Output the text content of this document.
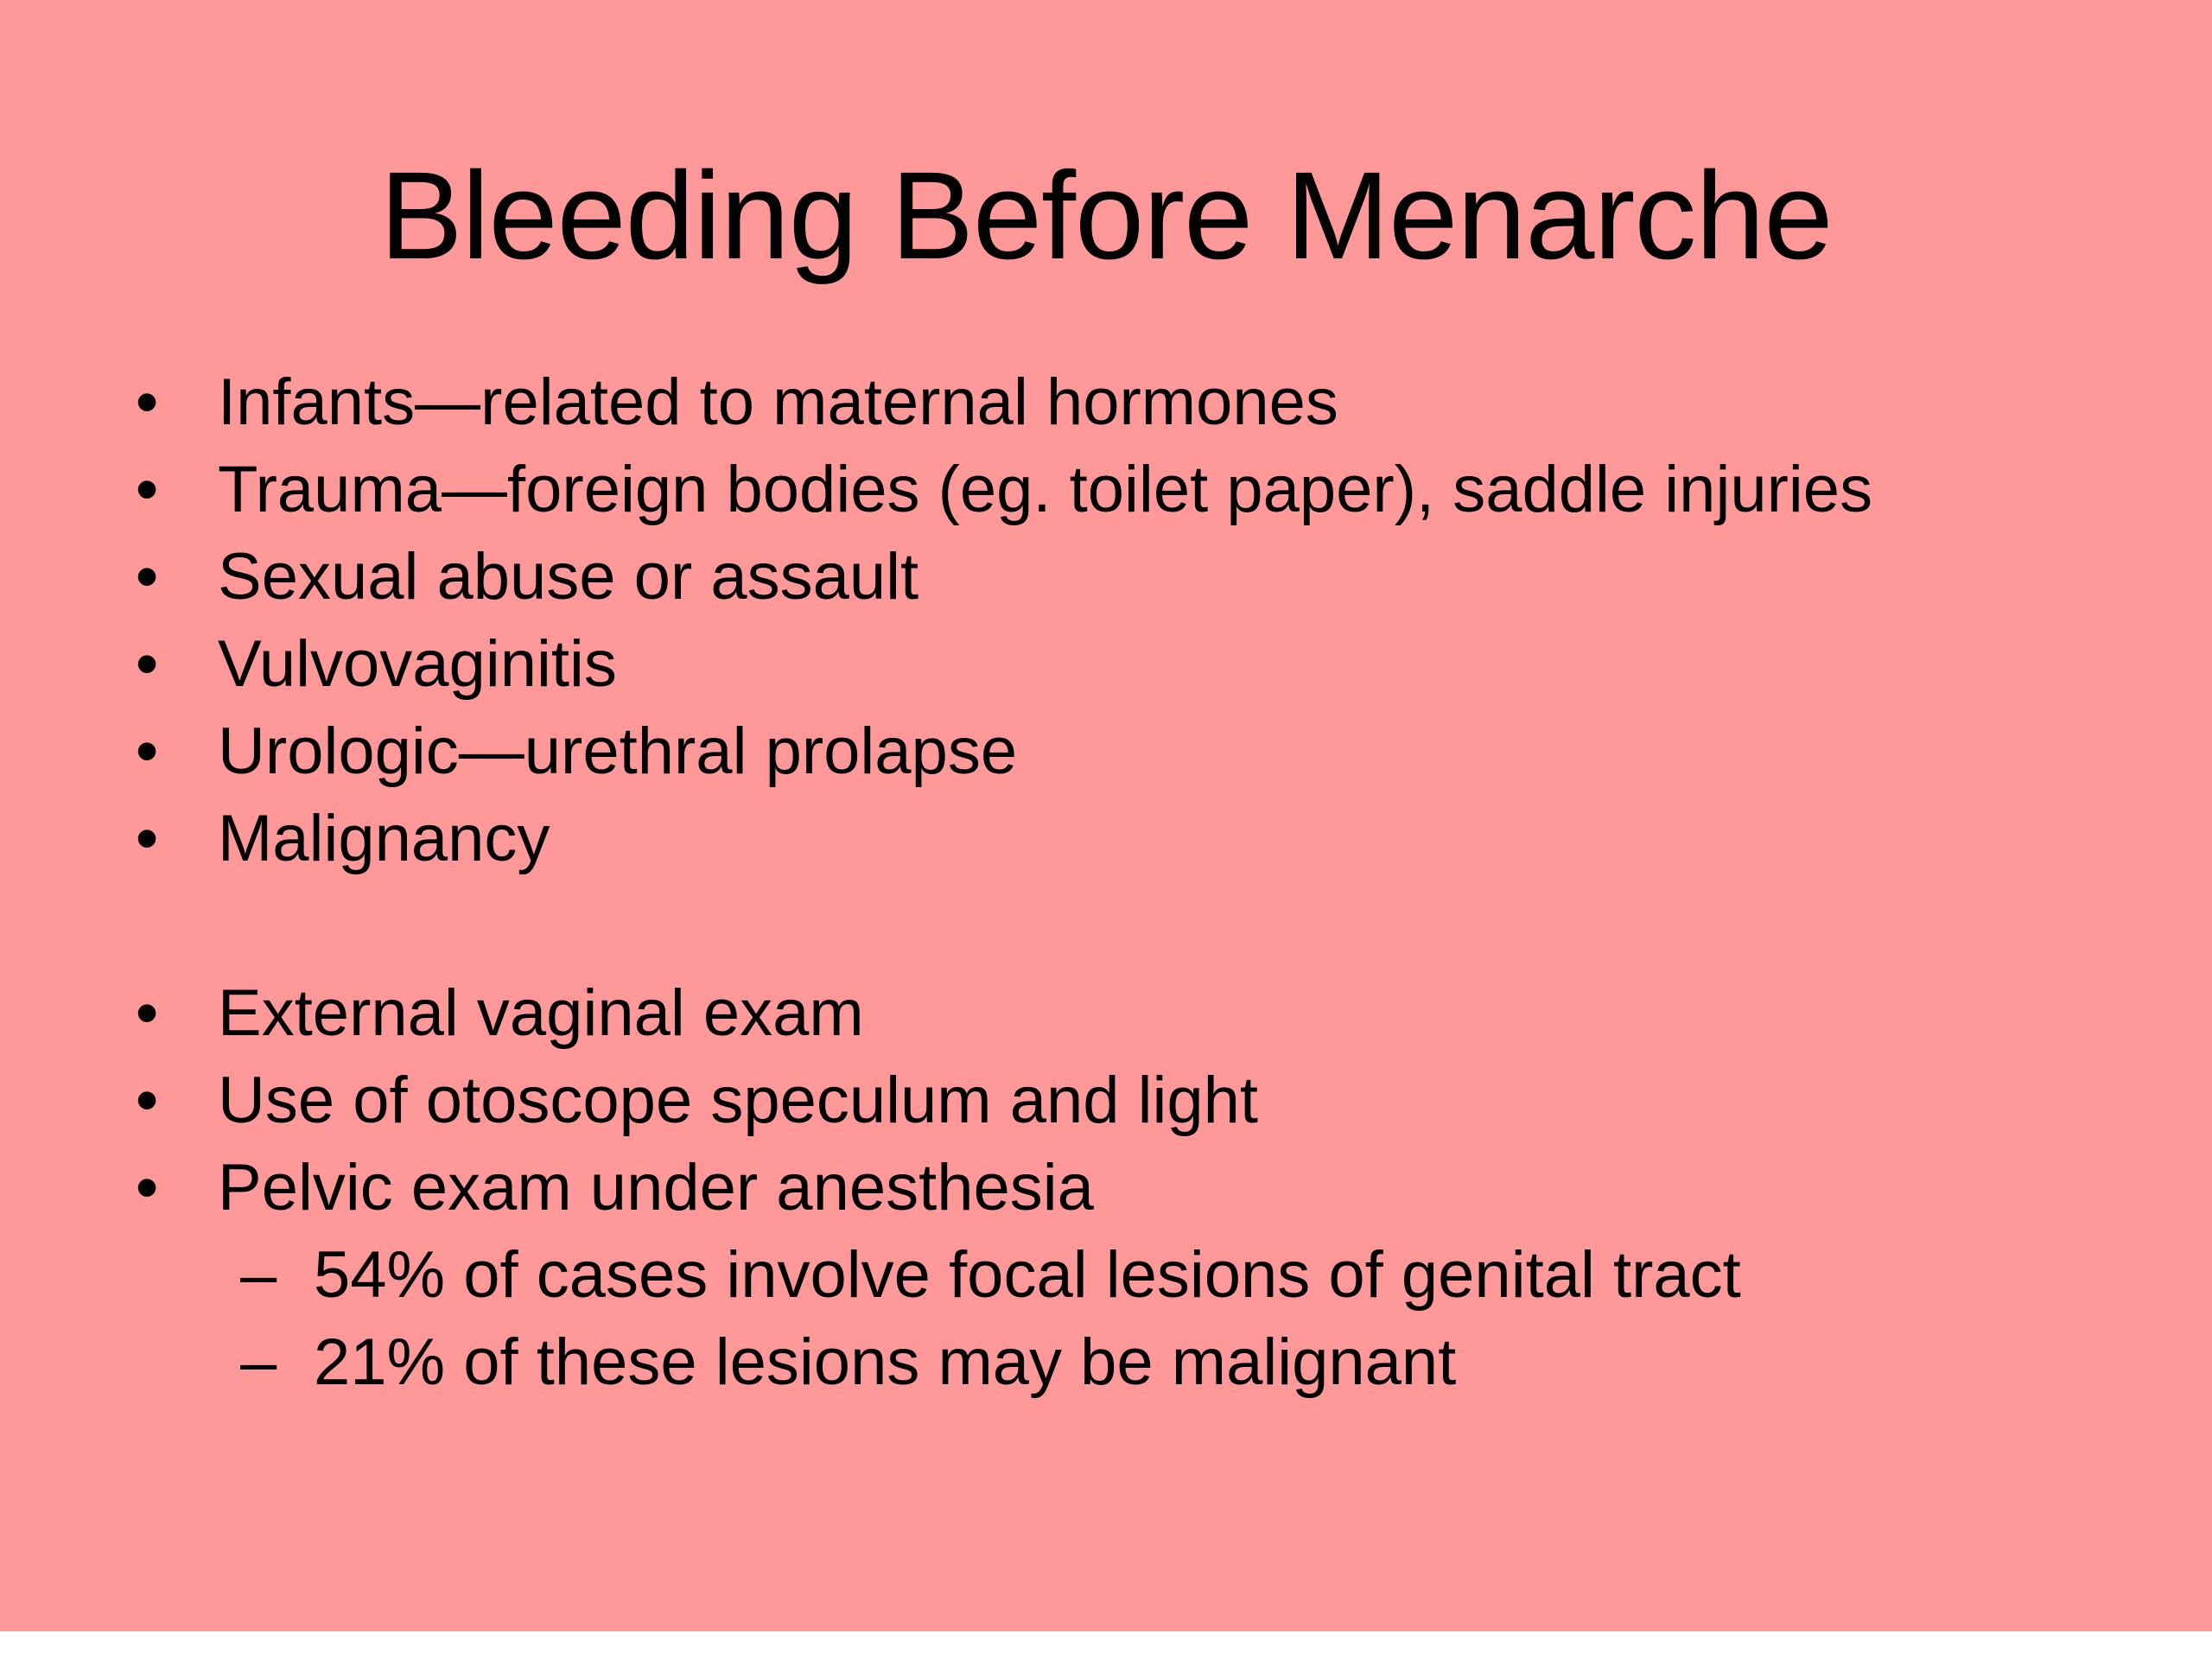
Bleeding Before Menarche
• Infants—related to maternal hormones
• Trauma—foreign bodies (eg. toilet paper), saddle injuries
• Sexual abuse or assault
• Vulvovaginitis
• Urologic—urethral prolapse
• Malignancy
• External vaginal exam
• Use of otoscope speculum and light
• Pelvic exam under anesthesia
– 54% of cases involve focal lesions of genital tract
– 21% of these lesions may be malignant
